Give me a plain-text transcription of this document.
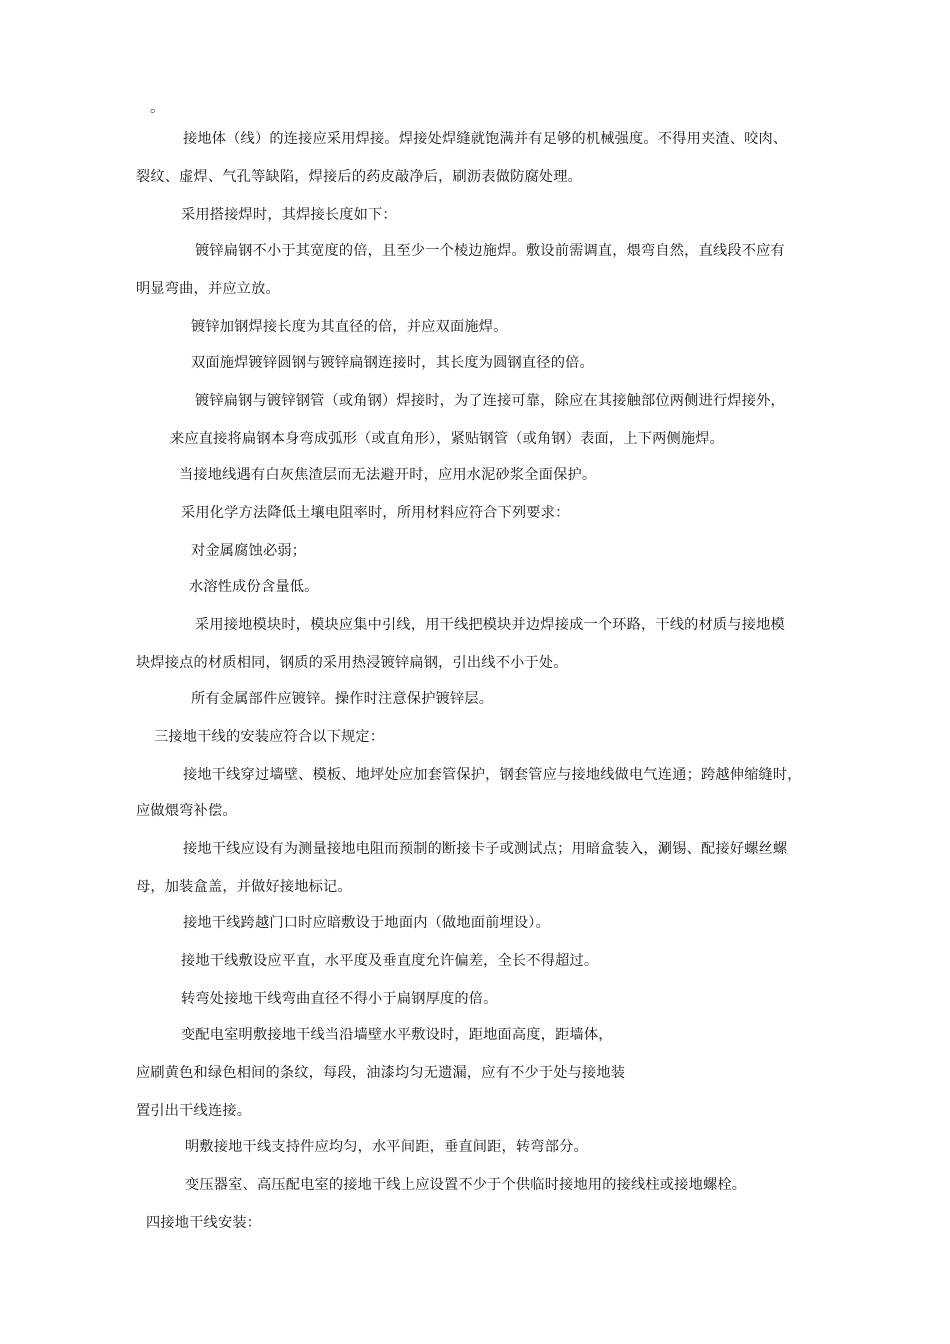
。
接地体（线）的连接应采用焊接。焊接处焊缝就饱满并有足够的机械强度。不得用夹渣、咬肉、
裂纹、虚焊、气孔等缺陷，焊接后的药皮敲净后，刷沥表做防腐处理。
采用搭接焊时，其焊接长度如下：
镀锌扁钢不小于其宽度的倍，且至少一个棱边施焊。敷设前需调直，煨弯自然，直线段不应有
明显弯曲，并应立放。
镀锌加钢焊接长度为其直径的倍，并应双面施焊。
双面施焊镀锌圆钢与镀锌扁钢连接时，其长度为圆钢直径的倍。
镀锌扁钢与镀锌钢管（或角钢）焊接时，为了连接可靠，除应在其接触部位两侧进行焊接外，
来应直接将扁钢本身弯成弧形（或直角形），紧贴钢管（或角钢）表面，上下两侧施焊。
当接地线遇有白灰焦渣层而无法避开时，应用水泥砂浆全面保护。
采用化学方法降低土壤电阻率时，所用材料应符合下列要求：
对金属腐蚀必弱；
水溶性成份含量低。
采用接地模块时，模块应集中引线，用干线把模块并边焊接成一个环路，干线的材质与接地模
块焊接点的材质相同，钢质的采用热浸镀锌扁钢，引出线不小于处。
所有金属部件应镀锌。操作时注意保护镀锌层。
三接地干线的安装应符合以下规定：
接地干线穿过墙壁、模板、地坪处应加套管保护，钢套管应与接地线做电气连通；跨越伸缩缝时，
应做煨弯补偿。
接地干线应设有为测量接地电阻而预制的断接卡子或测试点；用暗盒装入，涮锡、配接好螺丝螺
母，加装盒盖，并做好接地标记。
接地干线跨越门口时应暗敷设于地面内（做地面前埋设）。
接地干线敷设应平直，水平度及垂直度允许偏差，全长不得超过。
转弯处接地干线弯曲直径不得小于扁钢厚度的倍。
变配电室明敷接地干线当沿墙壁水平敷设时，距地面高度，距墙体，
应刷黄色和绿色相间的条纹，每段，油漆均匀无遗漏，应有不少于处与接地装
置引出干线连接。
明敷接地干线支持件应均匀，水平间距，垂直间距，转弯部分。
变压器室、高压配电室的接地干线上应设置不少于个供临时接地用的接线柱或接地螺栓。
四接地干线安装：
